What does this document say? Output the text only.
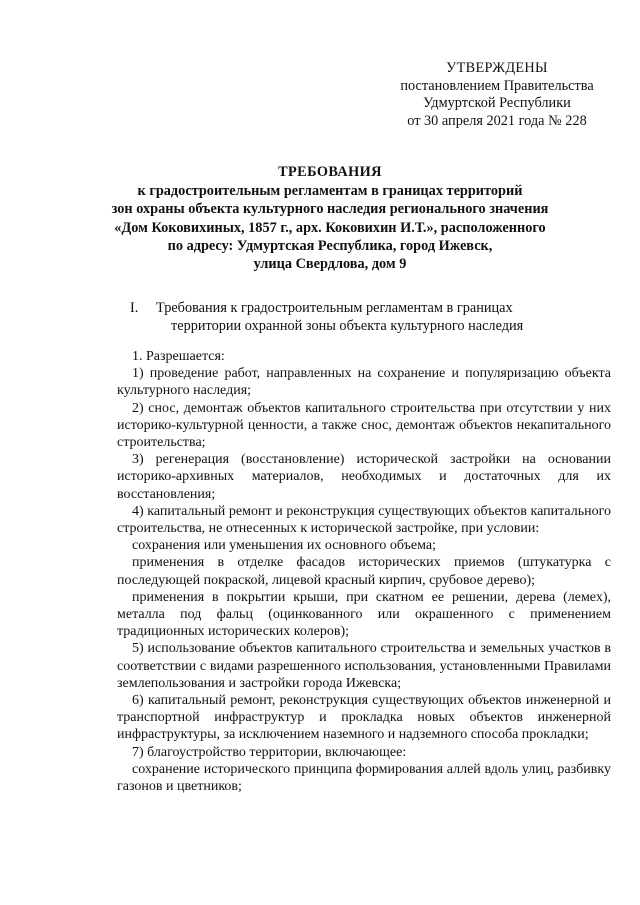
УТВЕРЖДЕНЫ
постановлением Правительства
Удмуртской Республики
от 30 апреля 2021 года № 228
ТРЕБОВАНИЯ
к градостроительным регламентам в границах территорий
зон охраны объекта культурного наследия регионального значения
«Дом Коковихиных, 1857 г., арх. Коковихин И.Т.», расположенного
по адресу: Удмуртская Республика, город Ижевск,
улица Свердлова, дом 9
I. Требования к градостроительным регламентам в границах
территории охранной зоны объекта культурного наследия

1. Разрешается:

1) проведение работ, направленных на сохранение и популяризацию объекта культурного наследия;

2) снос, демонтаж объектов капитального строительства при отсутствии у них историко-культурной ценности, а также снос, демонтаж объектов некапитального строительства;

3) регенерация (восстановление) исторической застройки на основании историко-архивных материалов, необходимых и достаточных для их восстановления;

4) капитальный ремонт и реконструкция существующих объектов капитального строительства, не отнесенных к исторической застройке, при условии:

сохранения или уменьшения их основного объема;

применения в отделке фасадов исторических приемов (штукатурка с последующей покраской, лицевой красный кирпич, срубовое дерево);

применения в покрытии крыши, при скатном ее решении, дерева (лемех), металла под фальц (оцинкованного или окрашенного с применением традиционных исторических колеров);

5) использование объектов капитального строительства и земельных участков в соответствии с видами разрешенного использования, установленными Правилами землепользования и застройки города Ижевска;

6) капитальный ремонт, реконструкция существующих объектов инженерной и транспортной инфраструктур и прокладка новых объектов инженерной инфраструктуры, за исключением наземного и надземного способа прокладки;

7) благоустройство территории, включающее:

сохранение исторического принципа формирования аллей вдоль улиц, разбивку газонов и цветников;
